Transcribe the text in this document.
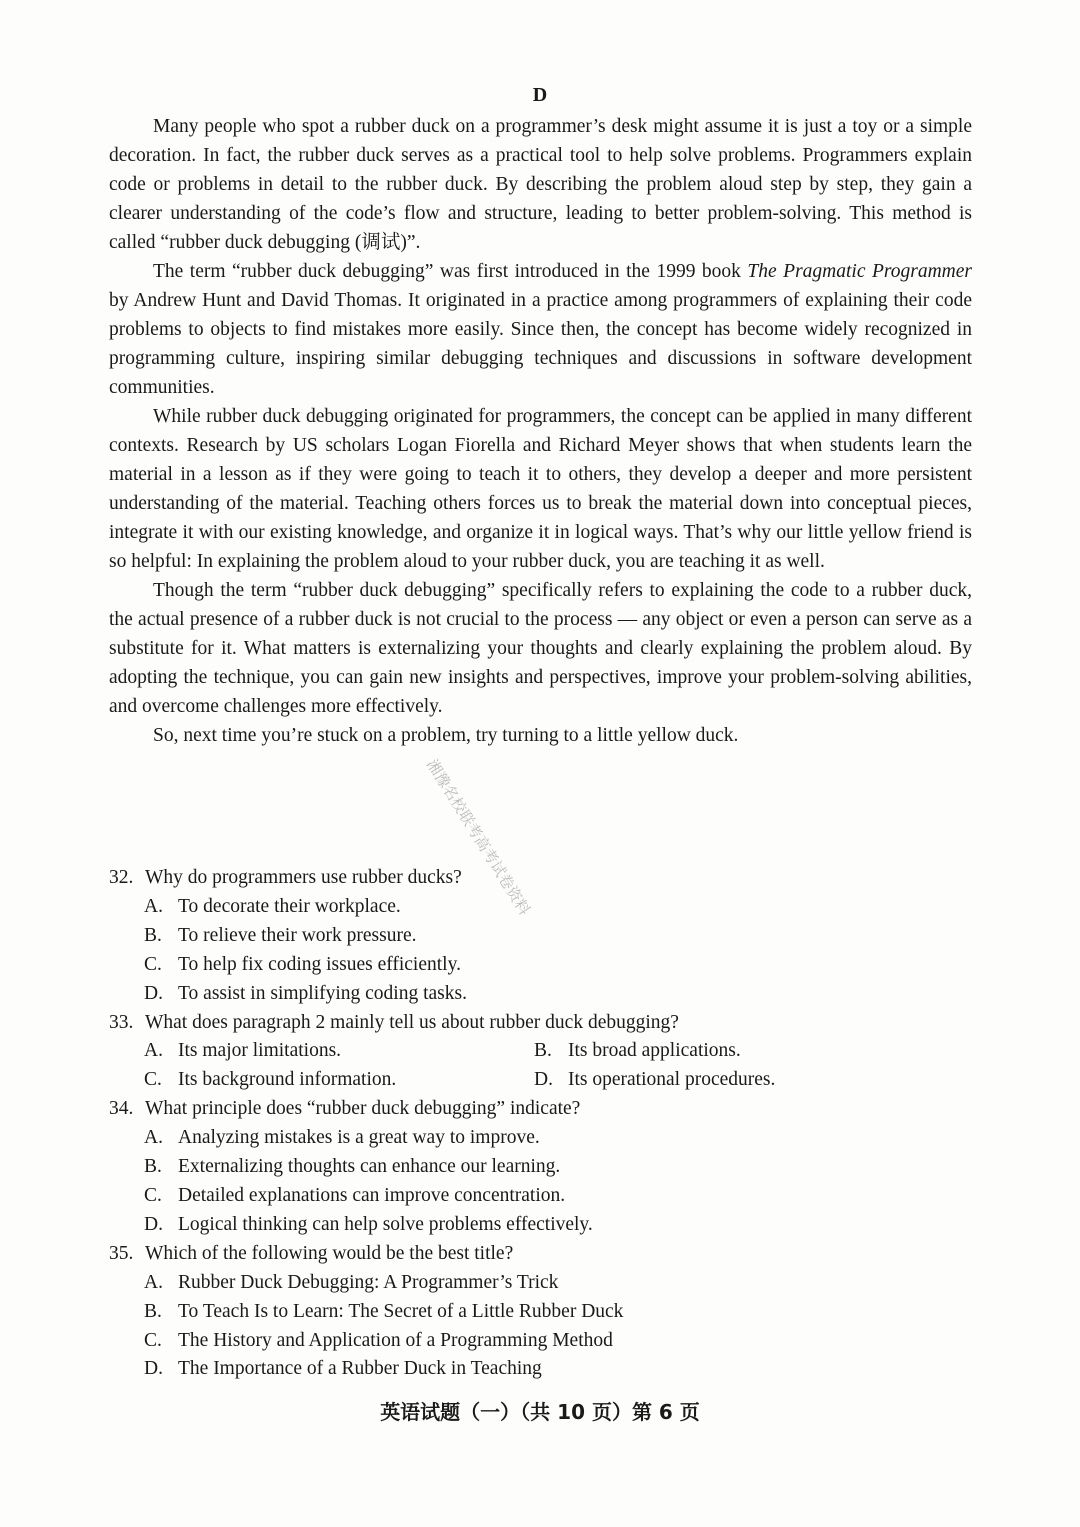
D

Many people who spot a rubber duck on a programmer’s desk might assume it is just a toy or a simple decoration. In fact, the rubber duck serves as a practical tool to help solve problems. Programmers explain code or problems in detail to the rubber duck. By describing the problem aloud step by step, they gain a clearer understanding of the code’s flow and structure, leading to better problem-solving. This method is called “rubber duck debugging (调试)”.

The term “rubber duck debugging” was first introduced in the 1999 book The Pragmatic Programmer by Andrew Hunt and David Thomas. It originated in a practice among programmers of explaining their code problems to objects to find mistakes more easily. Since then, the concept has become widely recognized in programming culture, inspiring similar debugging techniques and discussions in software development communities.

While rubber duck debugging originated for programmers, the concept can be applied in many different contexts. Research by US scholars Logan Fiorella and Richard Meyer shows that when students learn the material in a lesson as if they were going to teach it to others, they develop a deeper and more persistent understanding of the material. Teaching others forces us to break the material down into conceptual pieces, integrate it with our existing knowledge, and organize it in logical ways. That’s why our little yellow friend is so helpful: In explaining the problem aloud to your rubber duck, you are teaching it as well.

Though the term “rubber duck debugging” specifically refers to explaining the code to a rubber duck, the actual presence of a rubber duck is not crucial to the process — any object or even a person can serve as a substitute for it. What matters is externalizing your thoughts and clearly explaining the problem aloud. By adopting the technique, you can gain new insights and perspectives, improve your problem-solving abilities, and overcome challenges more effectively.

So, next time you’re stuck on a problem, try turning to a little yellow duck.

32. Why do programmers use rubber ducks?
A. To decorate their workplace.
B. To relieve their work pressure.
C. To help fix coding issues efficiently.
D. To assist in simplifying coding tasks.
33. What does paragraph 2 mainly tell us about rubber duck debugging?
A. Its major limitations.	B. Its broad applications.
C. Its background information.	D. Its operational procedures.
34. What principle does “rubber duck debugging” indicate?
A. Analyzing mistakes is a great way to improve.
B. Externalizing thoughts can enhance our learning.
C. Detailed explanations can improve concentration.
D. Logical thinking can help solve problems effectively.
35. Which of the following would be the best title?
A. Rubber Duck Debugging: A Programmer’s Trick
B. To Teach Is to Learn: The Secret of a Little Rubber Duck
C. The History and Application of a Programming Method
D. The Importance of a Rubber Duck in Teaching
湘豫名校联考高考试卷资料
英语试题（一）（共 10 页）第 6 页
